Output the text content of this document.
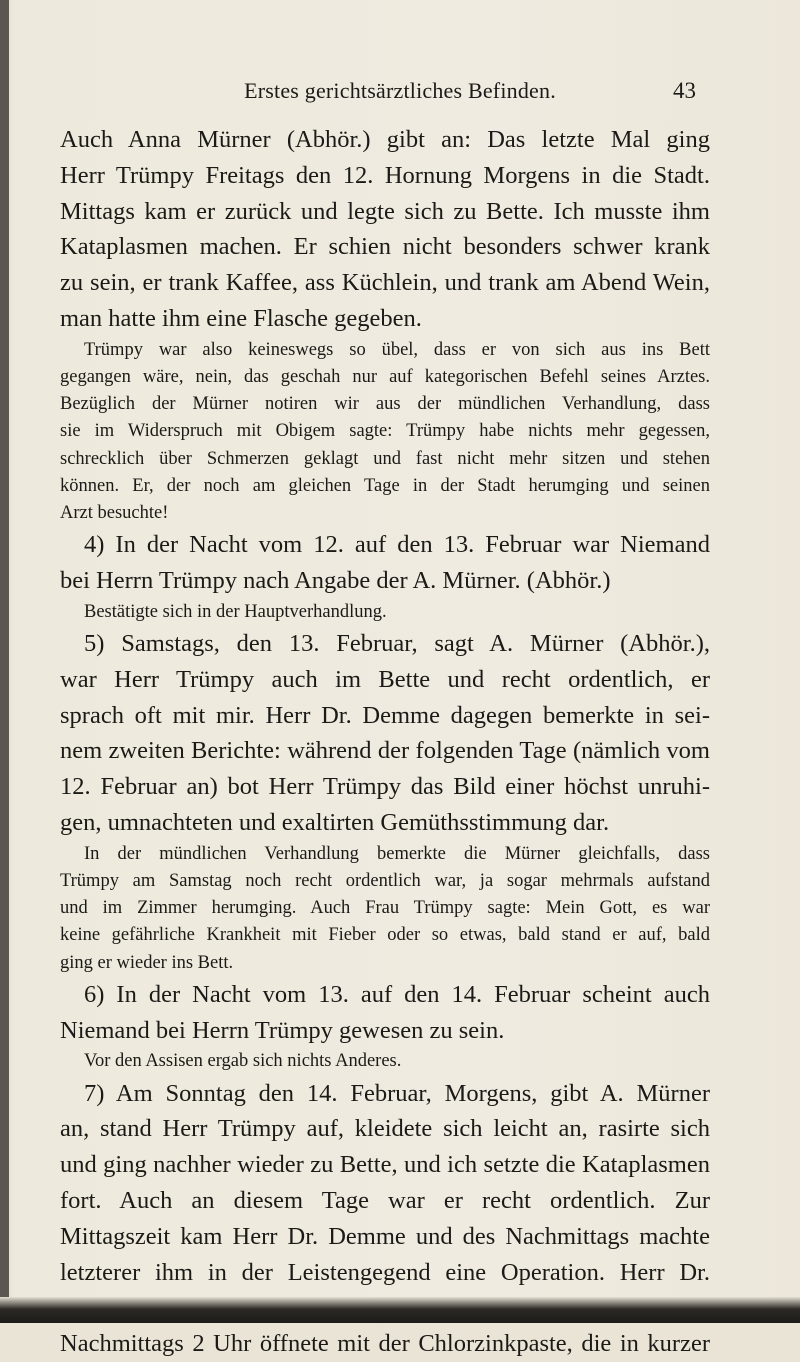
Erstes gerichtsärztliches Befinden.	43
Auch Anna Mürner (Abhör.) gibt an: Das letzte Mal ging
Herr Trümpy Freitags den 12. Hornung Morgens in die Stadt.
Mittags kam er zurück und legte sich zu Bette. Ich musste ihm
Kataplasmen machen. Er schien nicht besonders schwer krank
zu sein, er trank Kaffee, ass Küchlein, und trank am Abend Wein,
man hatte ihm eine Flasche gegeben.
Trümpy war also keineswegs so übel, dass er von sich aus ins Bett
gegangen wäre, nein, das geschah nur auf kategorischen Befehl seines Arztes.
Bezüglich der Mürner notiren wir aus der mündlichen Verhandlung, dass
sie im Widerspruch mit Obigem sagte: Trümpy habe nichts mehr gegessen,
schrecklich über Schmerzen geklagt und fast nicht mehr sitzen und stehen
können. Er, der noch am gleichen Tage in der Stadt herumging und seinen
Arzt besuchte!
4) In der Nacht vom 12. auf den 13. Februar war Niemand
bei Herrn Trümpy nach Angabe der A. Mürner. (Abhör.)
Bestätigte sich in der Hauptverhandlung.
5) Samstags, den 13. Februar, sagt A. Mürner (Abhör.),
war Herr Trümpy auch im Bette und recht ordentlich, er
sprach oft mit mir. Herr Dr. Demme dagegen bemerkte in sei-
nem zweiten Berichte: während der folgenden Tage (nämlich vom
12. Februar an) bot Herr Trümpy das Bild einer höchst unruhi-
gen, umnachteten und exaltirten Gemüthsstimmung dar.
In der mündlichen Verhandlung bemerkte die Mürner gleichfalls, dass
Trümpy am Samstag noch recht ordentlich war, ja sogar mehrmals aufstand
und im Zimmer herumging. Auch Frau Trümpy sagte: Mein Gott, es war
keine gefährliche Krankheit mit Fieber oder so etwas, bald stand er auf, bald
ging er wieder ins Bett.
6) In der Nacht vom 13. auf den 14. Februar scheint auch
Niemand bei Herrn Trümpy gewesen zu sein.
Vor den Assisen ergab sich nichts Anderes.
7) Am Sonntag den 14. Februar, Morgens, gibt A. Mürner
an, stand Herr Trümpy auf, kleidete sich leicht an, rasirte sich
und ging nachher wieder zu Bette, und ich setzte die Kataplasmen
fort. Auch an diesem Tage war er recht ordentlich. Zur
Mittagszeit kam Herr Dr. Demme und des Nachmittags machte
letzterer ihm in der Leistengegend eine Operation. Herr Dr.
Nachmittags 2 Uhr öffnete mit der Chlorzinkpaste, die in kurzer
